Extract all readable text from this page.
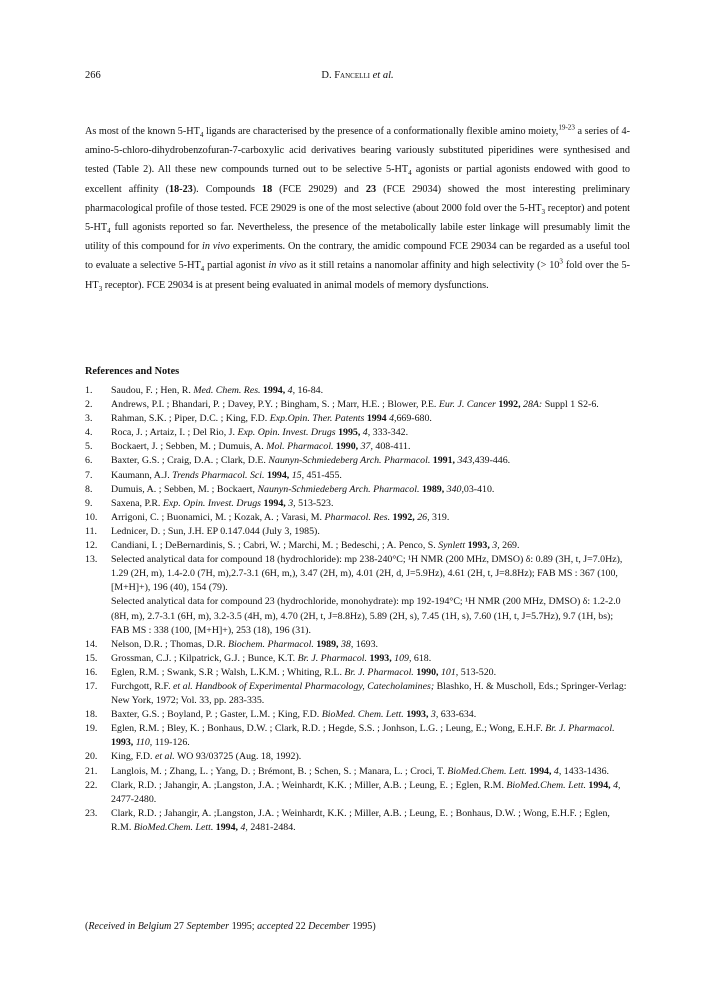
266	D. Fancelli et al.

As most of the known $5-HT_4$ ligands are characterised by the presence of a conformationally flexible amino moiety,$^{19-23}$ a series of 4-amino-5-chloro-dihydrobenzofuran-7-carboxylic acid derivatives bearing variously substituted piperidines were synthesised and tested (Table 2). All these new compounds turned out to be selective $5-HT_4$ agonists or partial agonists endowed with good to excellent affinity (18-23). Compounds 18 (FCE 29029) and 23 (FCE 29034) showed the most interesting preliminary pharmacological profile of those tested. FCE 29029 is one of the most selective (about 2000 fold over the $5-HT_3$ receptor) and potent $5-HT_4$ full agonists reported so far. Nevertheless, the presence of the metabolically labile ester linkage will presumably limit the utility of this compound for in vivo experiments. On the contrary, the amidic compound FCE 29034 can be regarded as a useful tool to evaluate a selective $5-HT_4$ partial agonist in vivo as it still retains a nanomolar affinity and high selectivity (> $10^3$ fold over the $5-HT_3$ receptor). FCE 29034 is at present being evaluated in animal models of memory dysfunctions.

References and Notes

1. Saudou, F. ; Hen, R. Med. Chem. Res. 1994, 4, 16-84.
2. Andrews, P.I. ; Bhandari, P. ; Davey, P.Y. ; Bingham, S. ; Marr, H.E. ; Blower, P.E. Eur. J. Cancer 1992, 28A: Suppl 1 S2-6.
3. Rahman, S.K. ; Piper, D.C. ; King, F.D. Exp.Opin. Ther. Patents 1994 4,669-680.
4. Roca, J. ; Artaiz, I. ; Del Rio, J. Exp. Opin. Invest. Drugs 1995, 4, 333-342.
5. Bockaert, J. ; Sebben, M. ; Dumuis, A. Mol. Pharmacol. 1990, 37, 408-411.
6. Baxter, G.S. ; Craig, D.A. ; Clark, D.E. Naunyn-Schmiedeberg Arch. Pharmacol. 1991, 343,439-446.
7. Kaumann, A.J. Trends Pharmacol. Sci. 1994, 15, 451-455.
8. Dumuis, A. ; Sebben, M. ; Bockaert, Naunyn-Schmiedeberg Arch. Pharmacol. 1989, 340,03-410.
9. Saxena, P.R. Exp. Opin. Invest. Drugs 1994, 3, 513-523.
10. Arrigoni, C. ; Buonamici, M. ; Kozak, A. ; Varasi, M. Pharmacol. Res. 1992, 26, 319.
11. Lednicer, D. ; Sun, J.H. EP 0.147.044 (July 3, 1985).
12. Candiani, I. ; DeBernardinis, S. ; Cabri, W. ; Marchi, M. ; Bedeschi, ; A. Penco, S. Synlett 1993, 3, 269.
13. Selected analytical data for compound 18 (hydrochloride): mp 238-240°C; ¹H NMR (200 MHz, DMSO) δ: 0.89 (3H, t, J=7.0Hz), 1.29 (2H, m), 1.4-2.0 (7H, m),2.7-3.1 (6H, m,), 3.47 (2H, m), 4.01 (2H, d, J=5.9Hz), 4.61 (2H, t, J=8.8Hz); FAB MS : 367 (100, [M+H]+), 196 (40), 154 (79).
Selected analytical data for compound 23 (hydrochloride, monohydrate): mp 192-194°C; ¹H NMR (200 MHz, DMSO) δ: 1.2-2.0 (8H, m), 2.7-3.1 (6H, m), 3.2-3.5 (4H, m), 4.70 (2H, t, J=8.8Hz), 5.89 (2H, s), 7.45 (1H, s), 7.60 (1H, t, J=5.7Hz), 9.7 (1H, bs); FAB MS : 338 (100, [M+H]+), 253 (18), 196 (31).
14. Nelson, D.R. ; Thomas, D.R. Biochem. Pharmacol. 1989, 38, 1693.
15. Grossman, C.J. ; Kilpatrick, G.J. ; Bunce, K.T. Br. J. Pharmacol. 1993, 109, 618.
16. Eglen, R.M. ; Swank, S.R ; Walsh, L.K.M. ; Whiting, R.L. Br. J. Pharmacol. 1990, 101, 513-520.
17. Furchgott, R.F. et al. Handbook of Experimental Pharmacology, Catecholamines; Blashko, H. & Muscholl, Eds.; Springer-Verlag: New York, 1972; Vol. 33, pp. 283-335.
18. Baxter, G.S. ; Boyland, P. ; Gaster, L.M. ; King, F.D. BioMed. Chem. Lett. 1993, 3, 633-634.
19. Eglen, R.M. ; Bley, K. ; Bonhaus, D.W. ; Clark, R.D. ; Hegde, S.S. ; Jonhson, L.G. ; Leung, E.; Wong, E.H.F. Br. J. Pharmacol. 1993, 110, 119-126.
20. King, F.D. et al. WO 93/03725 (Aug. 18, 1992).
21. Langlois, M. ; Zhang, L. ; Yang, D. ; Brémont, B. ; Schen, S. ; Manara, L. ; Croci, T. BioMed.Chem. Lett. 1994, 4, 1433-1436.
22. Clark, R.D. ; Jahangir, A. ;Langston, J.A. ; Weinhardt, K.K. ; Miller, A.B. ; Leung, E. ; Eglen, R.M. BioMed.Chem. Lett. 1994, 4, 2477-2480.
23. Clark, R.D. ; Jahangir, A. ;Langston, J.A. ; Weinhardt, K.K. ; Miller, A.B. ; Leung, E. ; Bonhaus, D.W. ; Wong, E.H.F. ; Eglen, R.M. BioMed.Chem. Lett. 1994, 4, 2481-2484.

(Received in Belgium 27 September 1995; accepted 22 December 1995)
